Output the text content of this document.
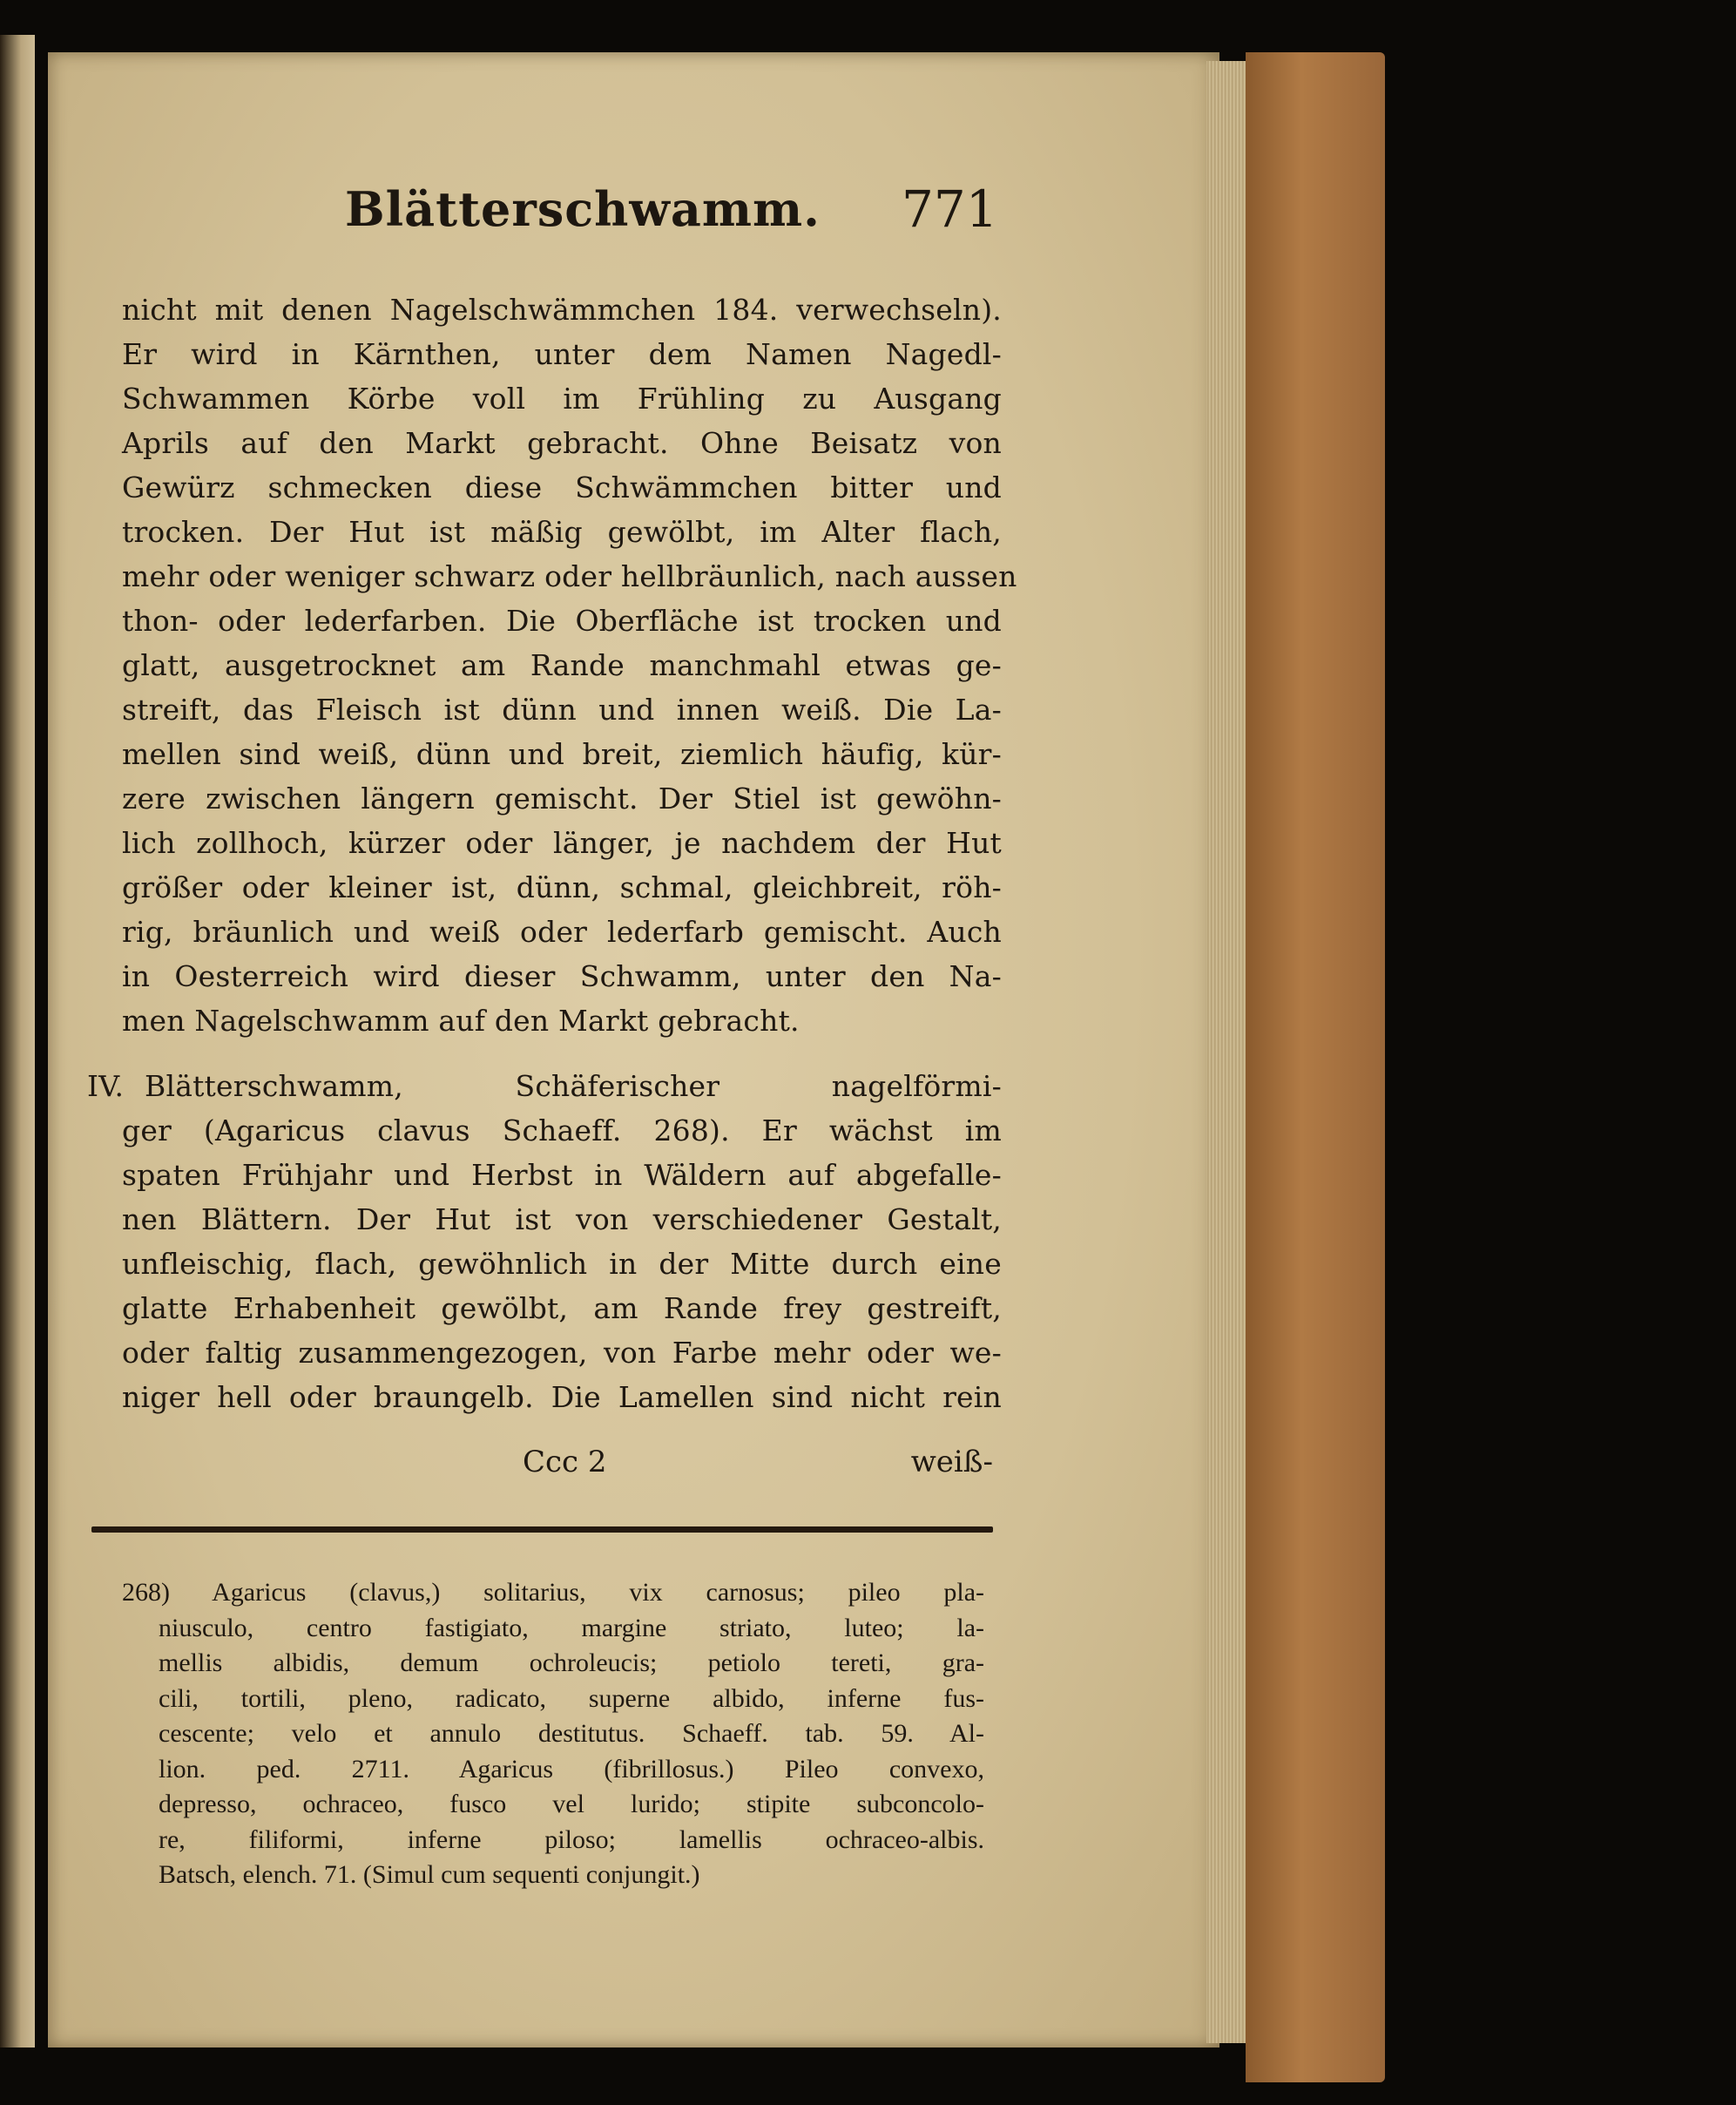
Blätterschwamm.	771
nicht mit denen Nagelschwämmchen 184. verwechseln).
Er wird in Kärnthen, unter dem Namen Nagedl-
Schwammen Körbe voll im Frühling zu Ausgang
Aprils auf den Markt gebracht. Ohne Beisatz von
Gewürz schmecken diese Schwämmchen bitter und
trocken. Der Hut ist mäßig gewölbt, im Alter flach,
mehr oder weniger schwarz oder hellbräunlich, nach aussen
thon- oder lederfarben. Die Oberfläche ist trocken und
glatt, ausgetrocknet am Rande manchmahl etwas ge-
streift, das Fleisch ist dünn und innen weiß. Die La-
mellen sind weiß, dünn und breit, ziemlich häufig, kür-
zere zwischen längern gemischt. Der Stiel ist gewöhn-
lich zollhoch, kürzer oder länger, je nachdem der Hut
größer oder kleiner ist, dünn, schmal, gleichbreit, röh-
rig, bräunlich und weiß oder lederfarb gemischt. Auch
in Oesterreich wird dieser Schwamm, unter den Na-
men Nagelschwamm auf den Markt gebracht.
IV. Blätterschwamm, Schäferischer nagelförmi-
ger (Agaricus clavus Schaeff. 268). Er wächst im
spaten Frühjahr und Herbst in Wäldern auf abgefalle-
nen Blättern. Der Hut ist von verschiedener Gestalt,
unfleischig, flach, gewöhnlich in der Mitte durch eine
glatte Erhabenheit gewölbt, am Rande frey gestreift,
oder faltig zusammengezogen, von Farbe mehr oder we-
niger hell oder braungelb. Die Lamellen sind nicht rein
Ccc 2	weiß-
268) Agaricus (clavus,) solitarius, vix carnosus; pileo pla-
niusculo, centro fastigiato, margine striato, luteo; la-
mellis albidis, demum ochroleucis; petiolo tereti, gra-
cili, tortili, pleno, radicato, superne albido, inferne fus-
cescente; velo et annulo destitutus. Schaeff. tab. 59. Al-
lion. ped. 2711. Agaricus (fibrillosus.) Pileo convexo,
depresso, ochraceo, fusco vel lurido; stipite subconcolo-
re, filiformi, inferne piloso; lamellis ochraceo-albis.
Batsch, elench. 71. (Simul cum sequenti conjungit.)
